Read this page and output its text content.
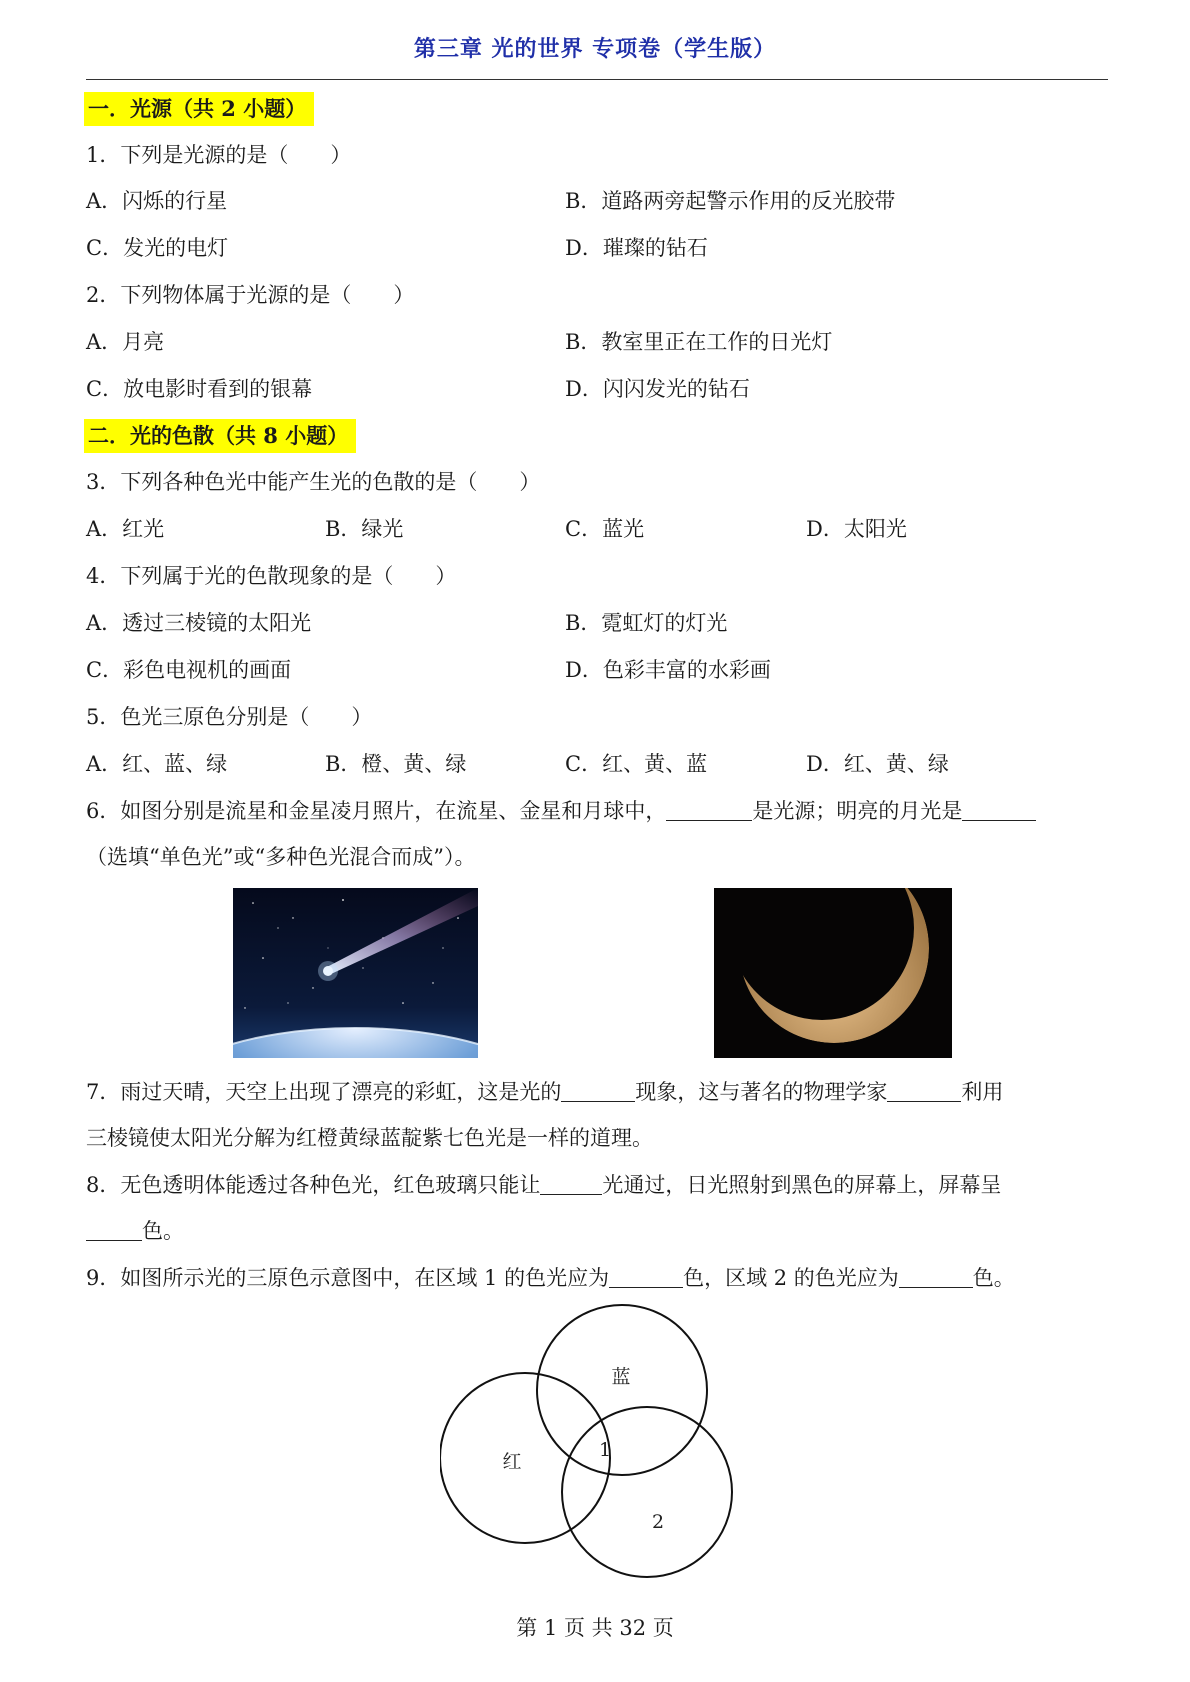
第三章 光的世界 专项卷（学生版）
一．光源（共 2 小题）
1．下列是光源的是（　　）
A．闪烁的行星	B．道路两旁起警示作用的反光胶带
C．发光的电灯	D．璀璨的钻石
2．下列物体属于光源的是（　　）
A．月亮	B．教室里正在工作的日光灯
C．放电影时看到的银幕	D．闪闪发光的钻石
二．光的色散（共 8 小题）
3．下列各种色光中能产生光的色散的是（　　）
A．红光	B．绿光	C．蓝光	D．太阳光
4．下列属于光的色散现象的是（　　）
A．透过三棱镜的太阳光	B．霓虹灯的灯光
C．彩色电视机的画面	D．色彩丰富的水彩画
5．色光三原色分别是（　　）
A．红、蓝、绿	B．橙、黄、绿	C．红、黄、蓝	D．红、黄、绿
6．如图分别是流星和金星凌月照片，在流星、金星和月球中，	是光源；明亮的月光是
（选填“单色光”或“多种色光混合而成”）。
7．雨过天晴，天空上出现了漂亮的彩虹，这是光的	现象，这与著名的物理学家	利用
三棱镜使太阳光分解为红橙黄绿蓝靛紫七色光是一样的道理。
8．无色透明体能透过各种色光，红色玻璃只能让	光通过，日光照射到黑色的屏幕上，屏幕呈
色。
9．如图所示光的三原色示意图中，在区域 1 的色光应为	色，区域 2 的色光应为	色。
蓝
红
1
2
第 1 页 共 32 页
